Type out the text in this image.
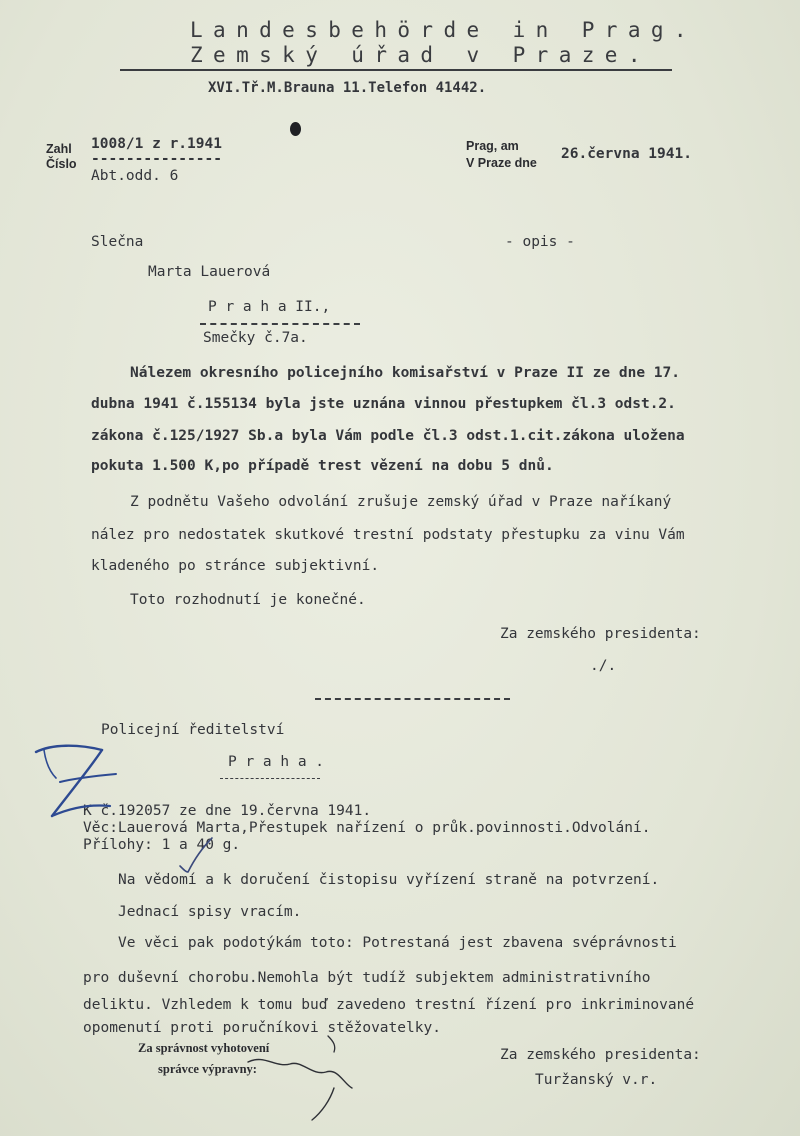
Landesbehörde in Prag.
Zemský úřad v Praze.
XVI.Tř.M.Brauna 11.Telefon 41442.
Zahl
Číslo
1008/1 z r.1941
---------------
Abt.odd. 6
Prag, am
V Praze dne
26.června 1941.
Slečna	- opis -
Marta Lauerová
P r a h a II.,
Smečky č.7a.
Nálezem okresního policejního komisařství v Praze II ze dne 17.
dubna 1941 č.155134 byla jste uznána vinnou přestupkem čl.3 odst.2.
zákona č.125/1927 Sb.a byla Vám podle čl.3 odst.1.cit.zákona uložena
pokuta 1.500 K,po případě trest vězení na dobu 5 dnů.
Z podnětu Vašeho odvolání zrušuje zemský úřad v Praze naříkaný
nález pro nedostatek skutkové trestní podstaty přestupku za vinu Vám
kladeného po stránce subjektivní.
Toto rozhodnutí je konečné.
Za zemského presidenta:
./.
Policejní ředitelství
P r a h a .
K č.192057 ze dne 19.června 1941.
Věc:Lauerová Marta,Přestupek nařízení o průk.povinnosti.Odvolání.
Přílohy: 1 a 40 g.
Na vědomí a k doručení čistopisu vyřízení straně na potvrzení.
Jednací spisy vracím.
Ve věci pak podotýkám toto: Potrestaná jest zbavena svéprávnosti
pro duševní chorobu.Nemohla být tudíž subjektem administrativního
deliktu. Vzhledem k tomu buď zavedeno trestní řízení pro inkriminované
opomenutí proti poručníkovi stěžovatelky.
Za správnost vyhotovení
správce výpravny:
Za zemského presidenta:
Turžanský v.r.
